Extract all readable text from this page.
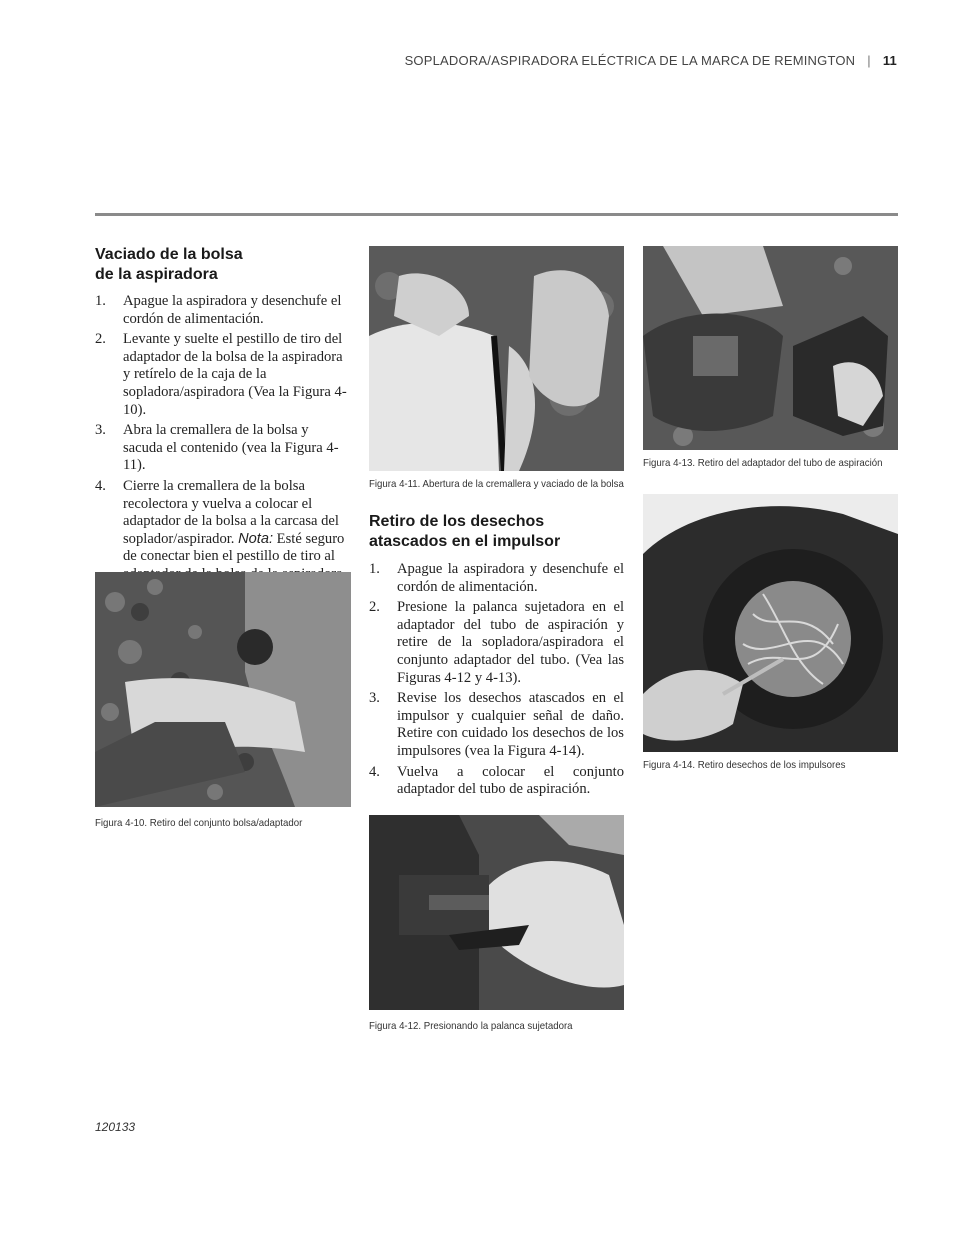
SOPLADORA/ASPIRADORA ELÉCTRICA DE LA MARCA DE REMINGTON | 11
Vaciado de la bolsa
de la aspiradora
1. Apague la aspiradora y desenchufe el cordón de alimentación.
2. Levante y suelte el pestillo de tiro del adaptador de la bolsa de la aspiradora y retírelo de la caja de la sopladora/aspiradora (Vea la Figura 4-10).
3. Abra la cremallera de la bolsa y sacuda el contenido (vea la Figura 4-11).
4. Cierre la cremallera de la bolsa recolectora y vuelva a colocar el adaptador de la bolsa a la carcasa del soplador/aspirador. Nota: Esté seguro de conectar bien el pestillo de tiro al
Figura 4-10. Retiro del conjunto bolsa/adaptador
Figura 4-11. Abertura de la cremallera y vaciado de la bolsa
Retiro de los desechos
atascados en el impulsor
1. Apague la aspiradora y desenchufe el cordón de alimentación.
2. Presione la palanca sujetadora en el adaptador del tubo de aspiración y retire de la sopladora/aspiradora el conjunto adaptador del tubo. (Vea las Figuras 4-12 y 4-13).
3. Revise los desechos atascados en el impulsor y cualquier señal de daño. Retire con cuidado los desechos de los impulsores (vea la Figura 4-14).
4. Vuelva a colocar el conjunto adaptador del tubo de aspiración.
Figura 4-12. Presionando la palanca sujetadora
Figura 4-13. Retiro del adaptador del tubo de aspiración
Figura 4-14. Retiro desechos de los impulsores
120133
